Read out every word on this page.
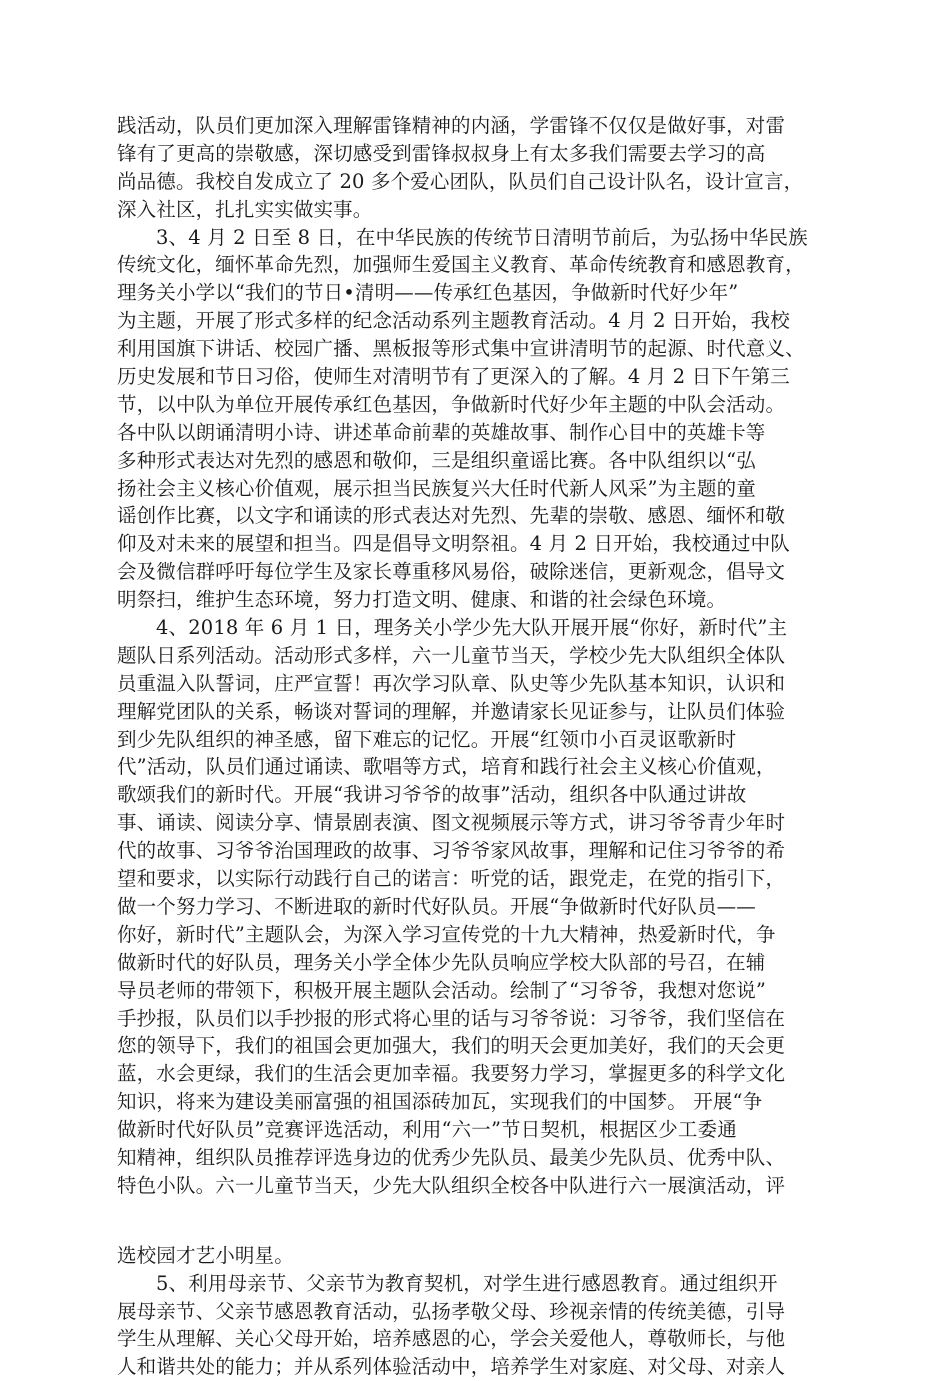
践活动，队员们更加深入理解雷锋精神的内涵，学雷锋不仅仅是做好事，对雷
锋有了更高的崇敬感，深切感受到雷锋叔叔身上有太多我们需要去学习的高
尚品德。我校自发成立了 20 多个爱心团队，队员们自己设计队名，设计宣言，
深入社区，扎扎实实做实事。
3、4 月 2 日至 8 日，在中华民族的传统节日清明节前后，为弘扬中华民族
传统文化，缅怀革命先烈，加强师生爱国主义教育、革命传统教育和感恩教育，
理务关小学以“我们的节日•清明——传承红色基因，争做新时代好少年”
为主题，开展了形式多样的纪念活动系列主题教育活动。4 月 2 日开始，我校
利用国旗下讲话、校园广播、黑板报等形式集中宣讲清明节的起源、时代意义、
历史发展和节日习俗，使师生对清明节有了更深入的了解。4 月 2 日下午第三
节，以中队为单位开展传承红色基因，争做新时代好少年主题的中队会活动。
各中队以朗诵清明小诗、讲述革命前辈的英雄故事、制作心目中的英雄卡等
多种形式表达对先烈的感恩和敬仰，三是组织童谣比赛。各中队组织以“弘
扬社会主义核心价值观，展示担当民族复兴大任时代新人风采”为主题的童
谣创作比赛，以文字和诵读的形式表达对先烈、先辈的崇敬、感恩、缅怀和敬
仰及对未来的展望和担当。四是倡导文明祭祖。4 月 2 日开始，我校通过中队
会及微信群呼吁每位学生及家长尊重移风易俗，破除迷信，更新观念，倡导文
明祭扫，维护生态环境，努力打造文明、健康、和谐的社会绿色环境。
4、2018 年 6 月 1 日，理务关小学少先大队开展开展“你好，新时代”主
题队日系列活动。活动形式多样，六一儿童节当天，学校少先大队组织全体队
员重温入队誓词，庄严宣誓！再次学习队章、队史等少先队基本知识，认识和
理解党团队的关系，畅谈对誓词的理解，并邀请家长见证参与，让队员们体验
到少先队组织的神圣感，留下难忘的记忆。开展“红领巾小百灵讴歌新时
代”活动，队员们通过诵读、歌唱等方式，培育和践行社会主义核心价值观，
歌颂我们的新时代。开展“我讲习爷爷的故事”活动，组织各中队通过讲故
事、诵读、阅读分享、情景剧表演、图文视频展示等方式，讲习爷爷青少年时
代的故事、习爷爷治国理政的故事、习爷爷家风故事，理解和记住习爷爷的希
望和要求，以实际行动践行自己的诺言：听党的话，跟党走，在党的指引下，
做一个努力学习、不断进取的新时代好队员。开展“争做新时代好队员——
你好，新时代”主题队会，为深入学习宣传党的十九大精神，热爱新时代，争
做新时代的好队员，理务关小学全体少先队员响应学校大队部的号召，在辅
导员老师的带领下，积极开展主题队会活动。绘制了“习爷爷，我想对您说”
手抄报，队员们以手抄报的形式将心里的话与习爷爷说：习爷爷，我们坚信在
您的领导下，我们的祖国会更加强大，我们的明天会更加美好，我们的天会更
蓝，水会更绿，我们的生活会更加幸福。我要努力学习，掌握更多的科学文化
知识，将来为建设美丽富强的祖国添砖加瓦，实现我们的中国梦。 开展“争
做新时代好队员”竞赛评选活动，利用“六一”节日契机，根据区少工委通
知精神，组织队员推荐评选身边的优秀少先队员、最美少先队员、优秀中队、
特色小队。六一儿童节当天，少先大队组织全校各中队进行六一展演活动，评
选校园才艺小明星。
5、利用母亲节、父亲节为教育契机，对学生进行感恩教育。通过组织开
展母亲节、父亲节感恩教育活动，弘扬孝敬父母、珍视亲情的传统美德，引导
学生从理解、关心父母开始，培养感恩的心，学会关爱他人，尊敬师长，与他
人和谐共处的能力；并从系列体验活动中，培养学生对家庭、对父母、对亲人
